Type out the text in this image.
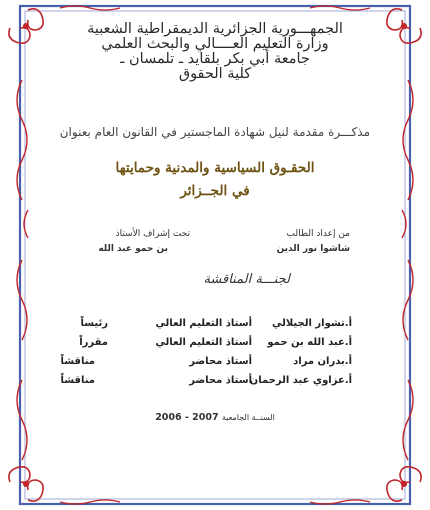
الجمهـــورية الجزائرية الديمقراطية الشعبية
وزارة التعليم العــــالي والبحث العلمي
جامعة أبي بكر بلقايد ـ تلمسان ـ
كلية الحقوق
مذكـــرة مقدمة لنيل شهادة الماجستير في القانون العام بعنوان
الحقـوق السياسية والمدنية وحمايتها
في الجــزائر
من إعداد الطالب
شاشوا نور الدين
تحت إشراف الأستاذ
بن حمو عبد الله
لجنـــة المناقشة
أ.تشوار الجيلالي
أستاذ التعليم العالي
رئيساً
أ.عبد الله بن حمو
أستاذ التعليم العالي
مقرراً
أ.بدران مراد
أستاذ محاضر
مناقشاً
أ.عزاوي عبد الرحمان
أستاذ محاضر
مناقشاً
السنــة الجامعية 2006 - 2007
